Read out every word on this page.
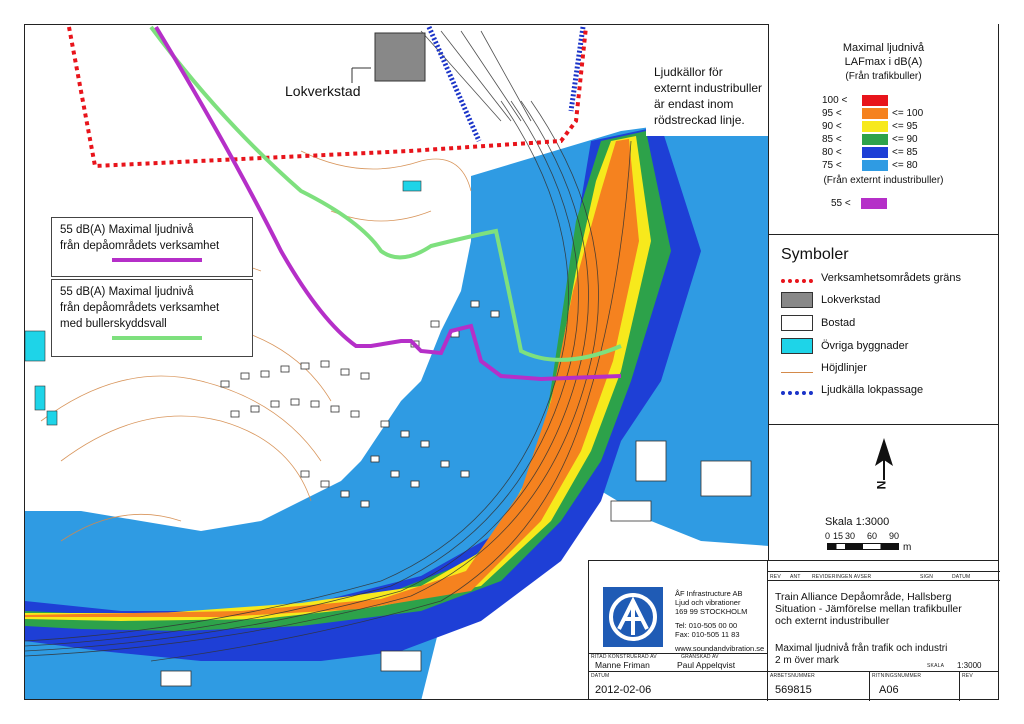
Lokverkstad
Ljudkällor för
externt industribuller
är endast inom
rödstreckad linje.
55 dB(A) Maximal ljudnivå
från depåområdets verksamhet
55 dB(A) Maximal ljudnivå
från depåområdets verksamhet
med bullerskyddsvall
Maximal ljudnivå
LAFmax i dB(A)
(Från trafikbuller)
100 <
95 <	<= 100
90 <	<= 95
85 <	<= 90
80 <	<= 85
75 <	<= 80
(Från externt industribuller)
55 <
Symboler
Verksamhetsområdets gräns
Lokverkstad
Bostad
Övriga byggnader
Höjdlinjer
Ljudkälla lokpassage
N
Skala 1:3000
0 15 30	60	90
m
REV ANT REVIDERINGEN AVSER	SIGN	DATUM
ÅF Infrastructure AB
Ljud och vibrationer
169 99 STOCKHOLM
Tel: 010-505 00 00
Fax: 010-505 11 83
www.soundandvibration.se
Train Alliance Depåområde, Hallsberg
Situation - Jämförelse mellan trafikbuller
och externt industribuller
Maximal ljudnivå från trafik och industri
2 m över mark	SKALA 1:3000
RITAD KONSTRUERAD AV	GRANSKAD AV
Manne Friman	Paul Appelqvist
DATUM	ARBETSNUMMER	RITNINGSNUMMER	REV
2012-02-06	569815	A06
